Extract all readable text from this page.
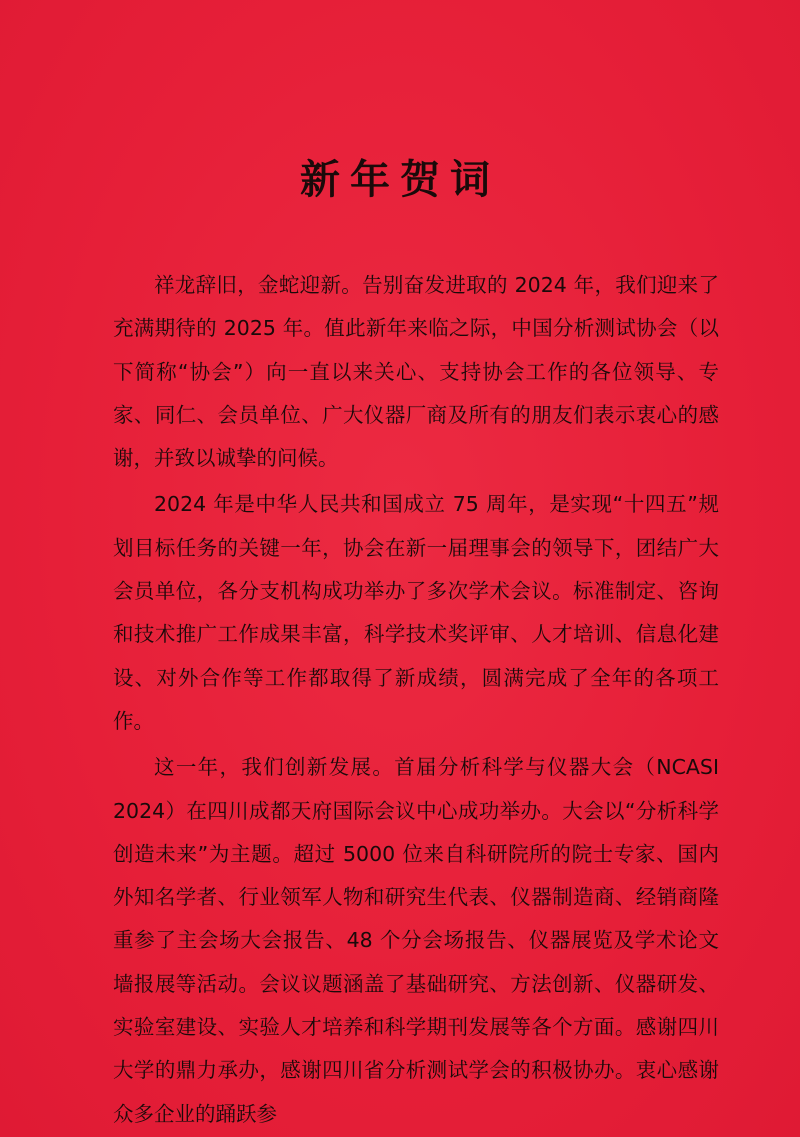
新年贺词

祥龙辞旧，金蛇迎新。告别奋发进取的 2024 年，我们迎来了充满期待的 2025 年。值此新年来临之际，中国分析测试协会（以下简称“协会”）向一直以来关心、支持协会工作的各位领导、专家、同仁、会员单位、广大仪器厂商及所有的朋友们表示衷心的感谢，并致以诚挚的问候。

2024 年是中华人民共和国成立 75 周年，是实现“十四五”规划目标任务的关键一年，协会在新一届理事会的领导下，团结广大会员单位，各分支机构成功举办了多次学术会议。标准制定、咨询和技术推广工作成果丰富，科学技术奖评审、人才培训、信息化建设、对外合作等工作都取得了新成绩，圆满完成了全年的各项工作。

这一年，我们创新发展。首届分析科学与仪器大会（NCASI 2024）在四川成都天府国际会议中心成功举办。大会以“分析科学 创造未来”为主题。超过 5000 位来自科研院所的院士专家、国内外知名学者、行业领军人物和研究生代表、仪器制造商、经销商隆重参了主会场大会报告、48 个分会场报告、仪器展览及学术论文墙报展等活动。会议议题涵盖了基础研究、方法创新、仪器研发、实验室建设、实验人才培养和科学期刊发展等各个方面。感谢四川大学的鼎力承办，感谢四川省分析测试学会的积极协办。衷心感谢众多企业的踊跃参
